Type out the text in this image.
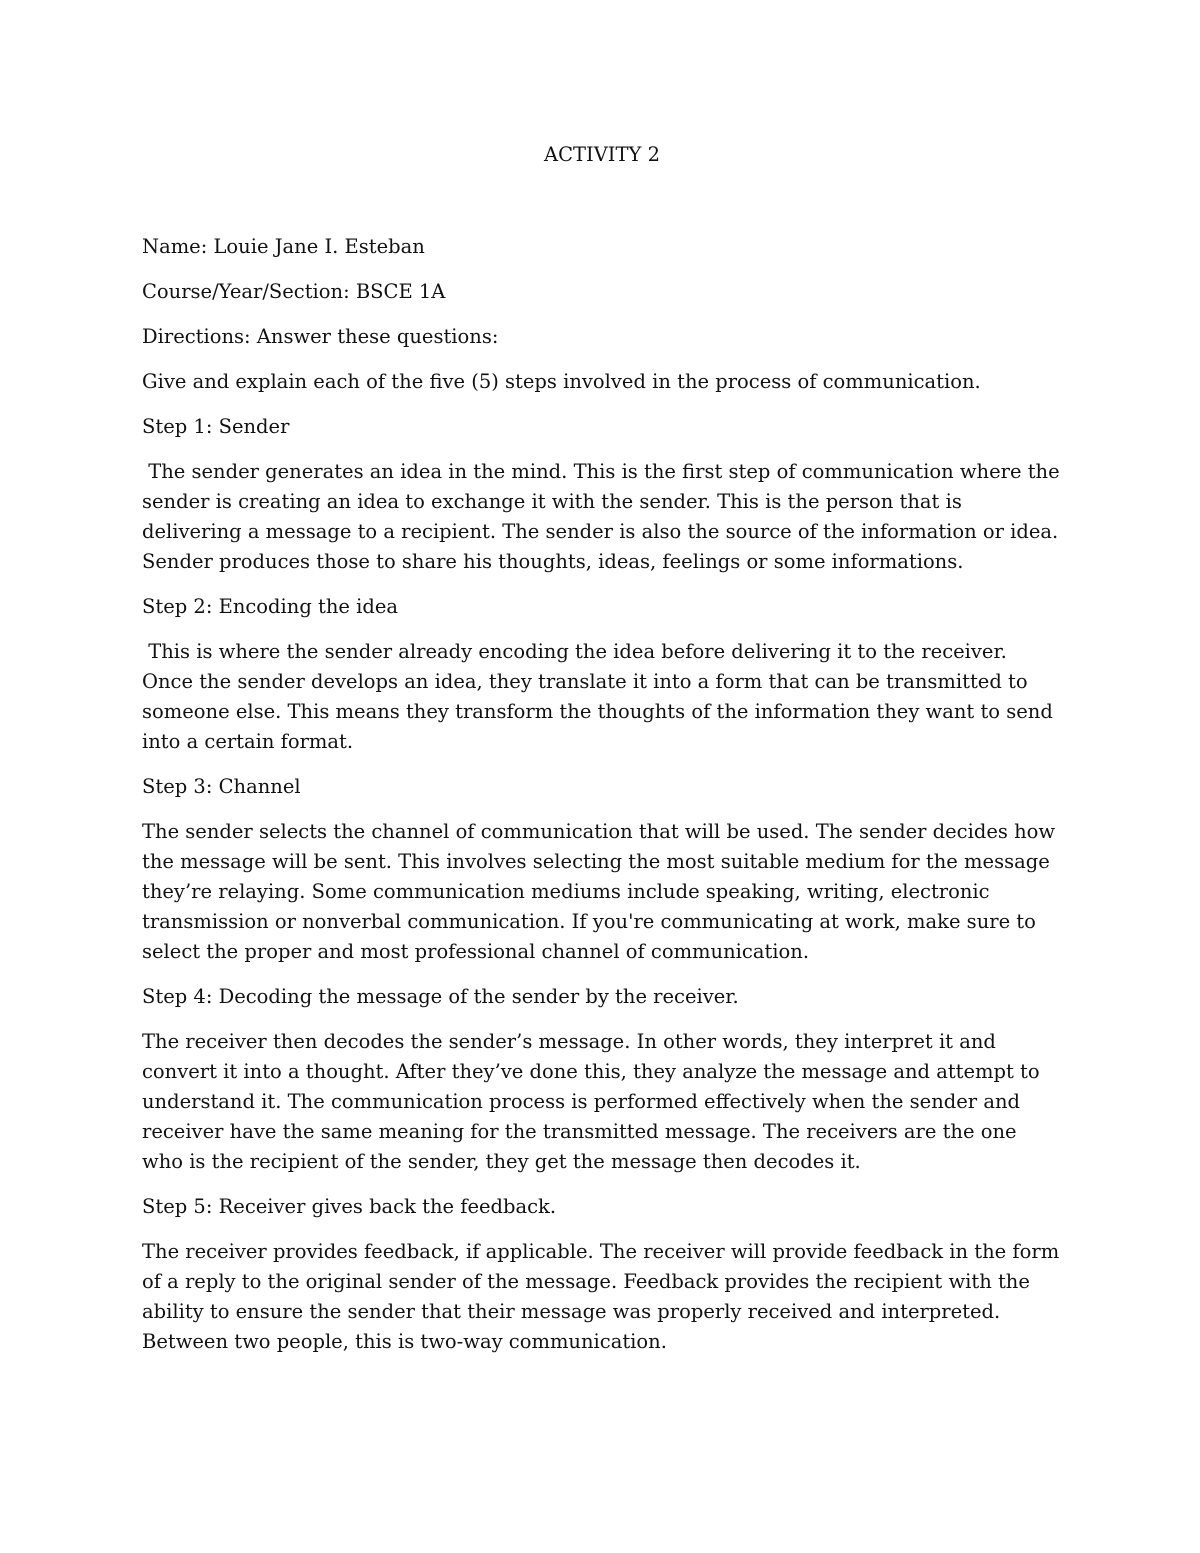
ACTIVITY 2
Name: Louie Jane I. Esteban
Course/Year/Section: BSCE 1A
Directions: Answer these questions:
Give and explain each of the five (5) steps involved in the process of communication.
Step 1: Sender
The sender generates an idea in the mind. This is the first step of communication where the sender is creating an idea to exchange it with the sender. This is the person that is delivering a message to a recipient. The sender is also the source of the information or idea. Sender produces those to share his thoughts, ideas, feelings or some informations.
Step 2: Encoding the idea
This is where the sender already encoding the idea before delivering it to the receiver. Once the sender develops an idea, they translate it into a form that can be transmitted to someone else. This means they transform the thoughts of the information they want to send into a certain format.
Step 3: Channel
The sender selects the channel of communication that will be used. The sender decides how the message will be sent. This involves selecting the most suitable medium for the message they’re relaying. Some communication mediums include speaking, writing, electronic transmission or nonverbal communication. If you're communicating at work, make sure to select the proper and most professional channel of communication.
Step 4: Decoding the message of the sender by the receiver.
The receiver then decodes the sender’s message. In other words, they interpret it and convert it into a thought. After they’ve done this, they analyze the message and attempt to understand it. The communication process is performed effectively when the sender and receiver have the same meaning for the transmitted message. The receivers are the one who is the recipient of the sender, they get the message then decodes it.
Step 5: Receiver gives back the feedback.
The receiver provides feedback, if applicable. The receiver will provide feedback in the form of a reply to the original sender of the message. Feedback provides the recipient with the ability to ensure the sender that their message was properly received and interpreted. Between two people, this is two-way communication.
